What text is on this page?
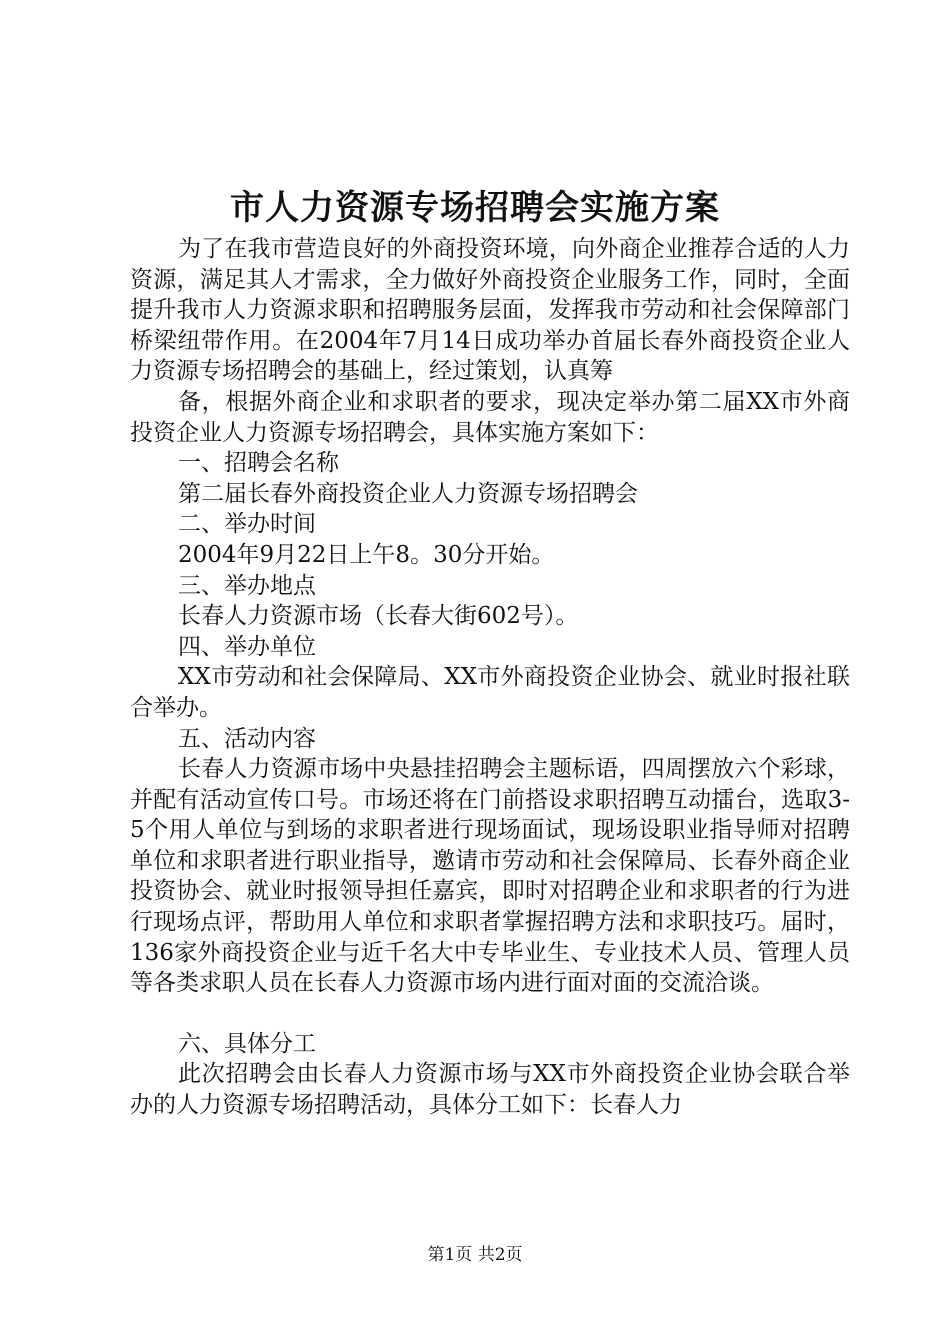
市人力资源专场招聘会实施方案

为了在我市营造良好的外商投资环境，向外商企业推荐合适的人力资源，满足其人才需求，全力做好外商投资企业服务工作，同时，全面提升我市人力资源求职和招聘服务层面，发挥我市劳动和社会保障部门桥梁纽带作用。在2004年7月14日成功举办首届长春外商投资企业人力资源专场招聘会的基础上，经过策划，认真筹

备，根据外商企业和求职者的要求，现决定举办第二届XX市外商投资企业人力资源专场招聘会，具体实施方案如下：

一、招聘会名称

第二届长春外商投资企业人力资源专场招聘会

二、举办时间

2004年9月22日上午8。30分开始。

三、举办地点

长春人力资源市场（长春大街602号）。

四、举办单位

XX市劳动和社会保障局、XX市外商投资企业协会、就业时报社联合举办。

五、活动内容

长春人力资源市场中央悬挂招聘会主题标语，四周摆放六个彩球，并配有活动宣传口号。市场还将在门前搭设求职招聘互动擂台，选取3-5个用人单位与到场的求职者进行现场面试，现场设职业指导师对招聘单位和求职者进行职业指导，邀请市劳动和社会保障局、长春外商企业投资协会、就业时报领导担任嘉宾，即时对招聘企业和求职者的行为进行现场点评，帮助用人单位和求职者掌握招聘方法和求职技巧。届时，136家外商投资企业与近千名大中专毕业生、专业技术人员、管理人员等各类求职人员在长春人力资源市场内进行面对面的交流洽谈。

六、具体分工

此次招聘会由长春人力资源市场与XX市外商投资企业协会联合举办的人力资源专场招聘活动，具体分工如下：长春人力

第1页 共2页
